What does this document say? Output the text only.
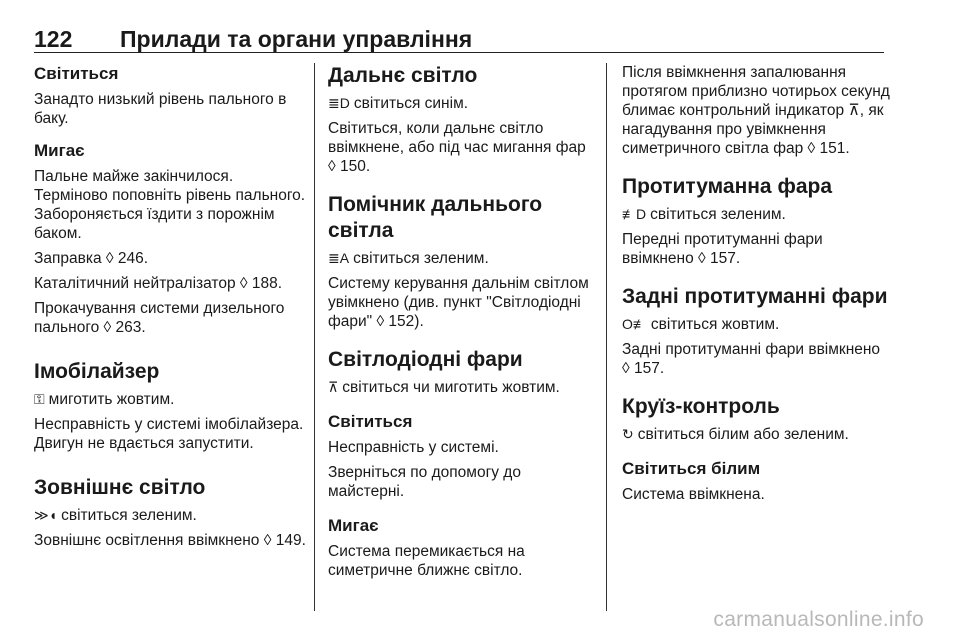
122 Прилади та органи управління
Світиться
Занадто низький рівень пального в баку.
Мигає
Пальне майже закінчилося. Терміново поповніть рівень пального. Забороняється їздити з порожнім баком.
Заправка ◊ 246.
Каталітичний нейтралізатор ◊ 188.
Прокачування системи дизельного пального ◊ 263.
Імобілайзер
⚿ миготить жовтим.
Несправність у системі імобілайзера. Двигун не вдається запустити.
Зовнішнє світло
≫◖ світиться зеленим.
Зовнішнє освітлення ввімкнено ◊ 149.
Дальнє світло
≣D світиться синім.
Світиться, коли дальнє світло ввімкнене, або під час мигання фар ◊ 150.
Помічник дальнього світла
≣A світиться зеленим.
Систему керування дальнім світлом увімкнено (див. пункт "Світлодіодні фари" ◊ 152).
Світлодіодні фари
⊼ світиться чи миготить жовтим.
Світиться
Несправність у системі.
Зверніться по допомогу до майстерні.
Мигає
Система перемикається на симетричне ближнє світло.
Після ввімкнення запалювання протягом приблизно чотирьох секунд блимає контрольний індикатор ⊼, як нагадування про увімкнення симетричного світла фар ◊ 151.
Протитуманна фара
≢D світиться зеленим.
Передні протитуманні фари ввімкнено ◊ 157.
Задні протитуманні фари
O≢ світиться жовтим.
Задні протитуманні фари ввімкнено ◊ 157.
Круїз-контроль
↻ світиться білим або зеленим.
Світиться білим
Система ввімкнена.
carmanualsonline.info
